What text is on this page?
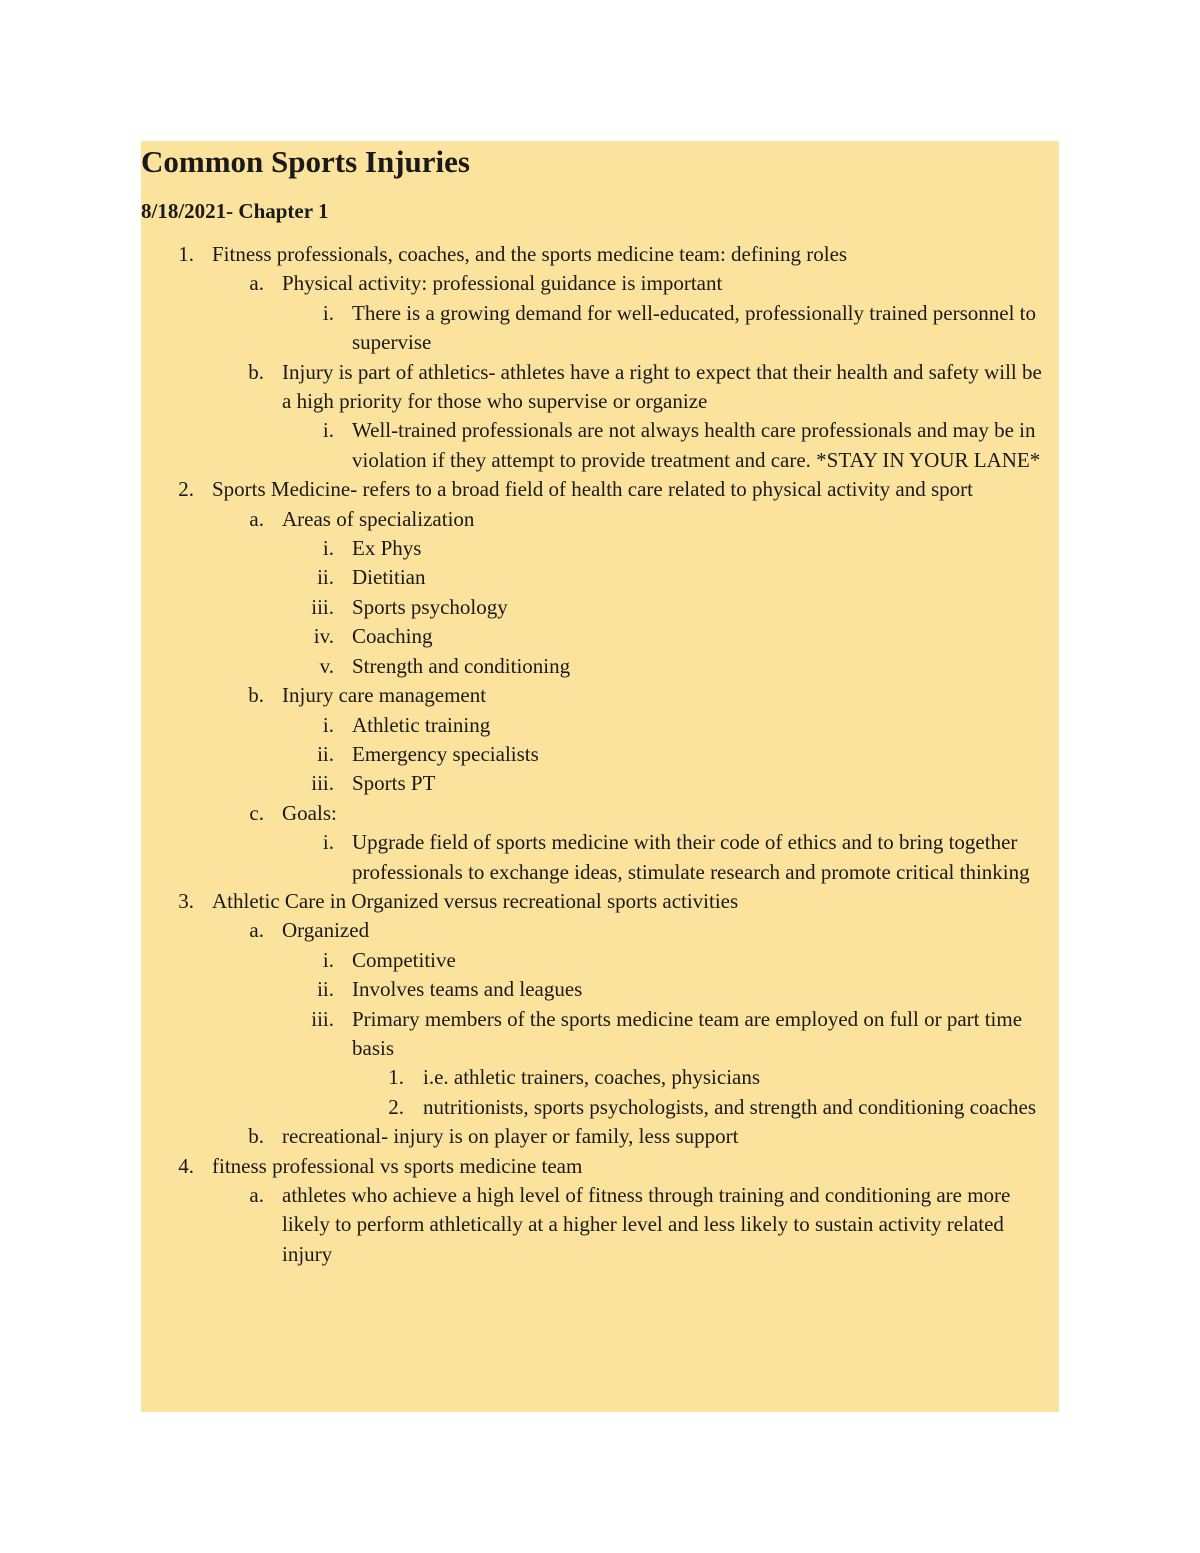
Common Sports Injuries
8/18/2021- Chapter 1
1. Fitness professionals, coaches, and the sports medicine team: defining roles
a. Physical activity: professional guidance is important
i. There is a growing demand for well-educated, professionally trained personnel to supervise
b. Injury is part of athletics- athletes have a right to expect that their health and safety will be a high priority for those who supervise or organize
i. Well-trained professionals are not always health care professionals and may be in violation if they attempt to provide treatment and care. *STAY IN YOUR LANE*
2. Sports Medicine- refers to a broad field of health care related to physical activity and sport
a. Areas of specialization
i. Ex Phys
ii. Dietitian
iii. Sports psychology
iv. Coaching
v. Strength and conditioning
b. Injury care management
i. Athletic training
ii. Emergency specialists
iii. Sports PT
c. Goals:
i. Upgrade field of sports medicine with their code of ethics and to bring together professionals to exchange ideas, stimulate research and promote critical thinking
3. Athletic Care in Organized versus recreational sports activities
a. Organized
i. Competitive
ii. Involves teams and leagues
iii. Primary members of the sports medicine team are employed on full or part time basis
1. i.e. athletic trainers, coaches, physicians
2. nutritionists, sports psychologists, and strength and conditioning coaches
b. recreational- injury is on player or family, less support
4. fitness professional vs sports medicine team
a. athletes who achieve a high level of fitness through training and conditioning are more likely to perform athletically at a higher level and less likely to sustain activity related injury
